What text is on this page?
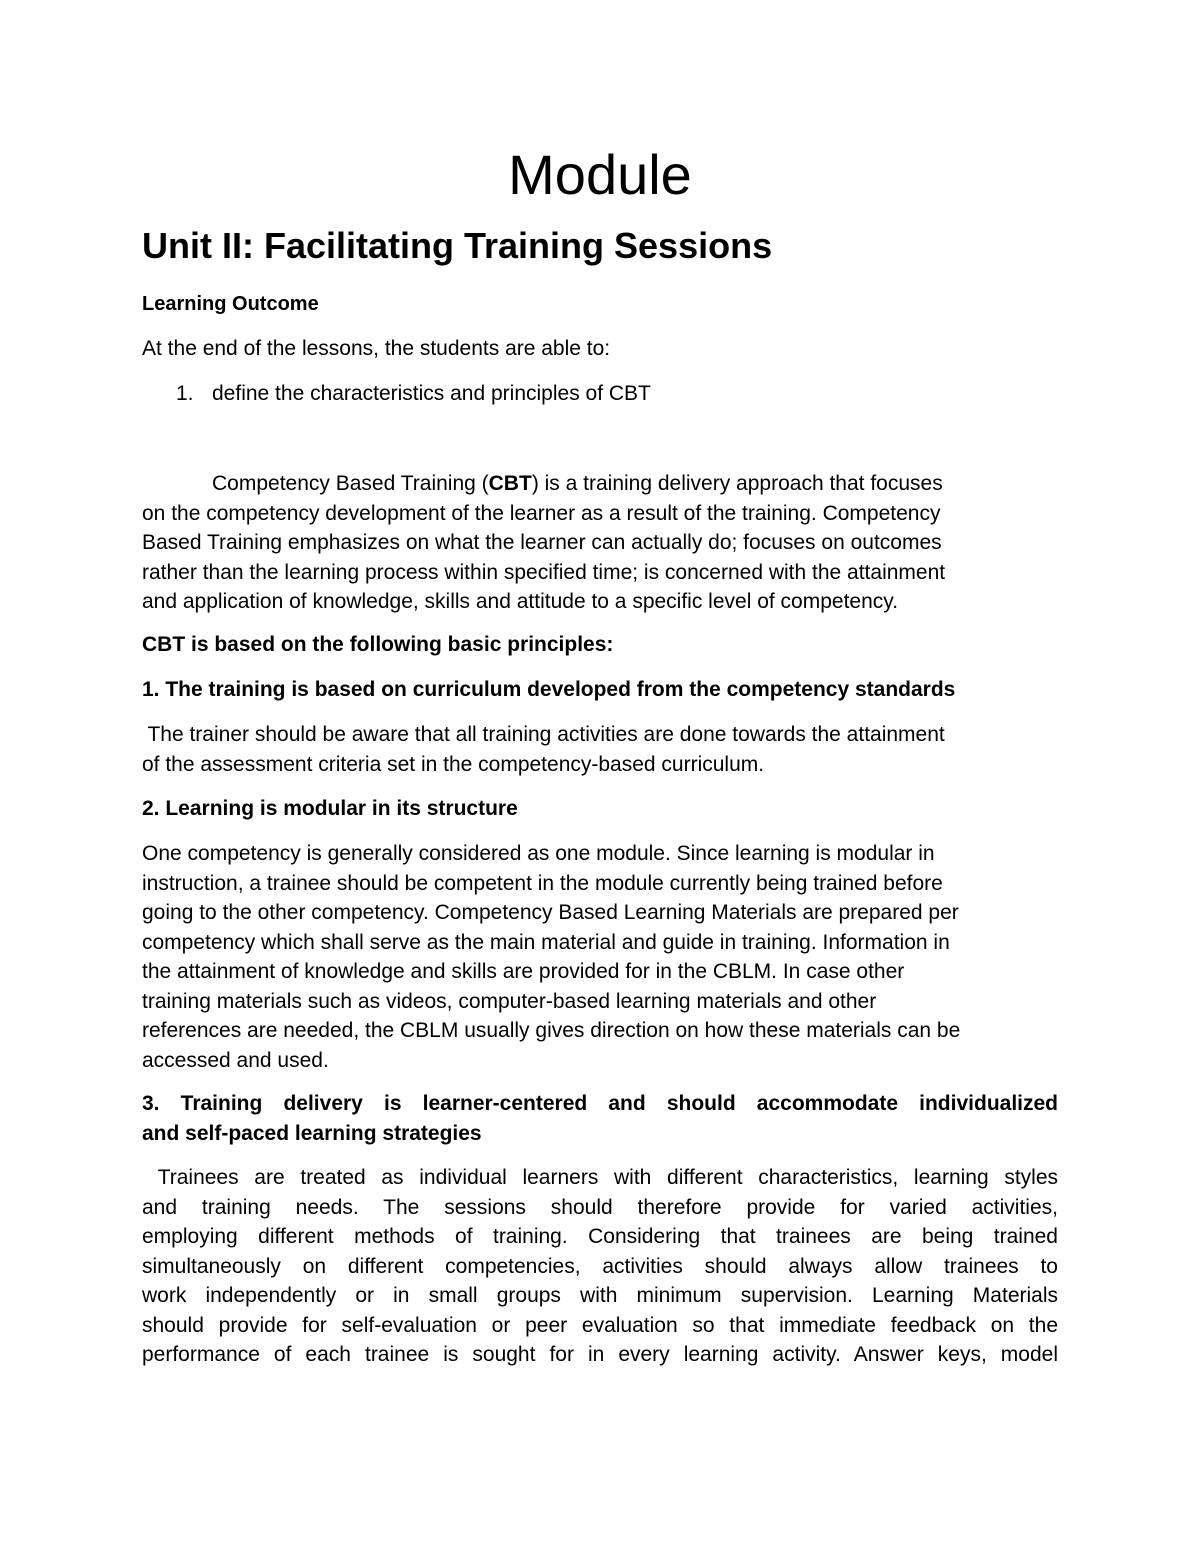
Module
Unit II: Facilitating Training Sessions
Learning Outcome

At the end of the lessons, the students are able to:

1. define the characteristics and principles of CBT
Competency Based Training (CBT) is a training delivery approach that focuses
on the competency development of the learner as a result of the training. Competency
Based Training emphasizes on what the learner can actually do; focuses on outcomes
rather than the learning process within specified time; is concerned with the attainment
and application of knowledge, skills and attitude to a specific level of competency.

CBT is based on the following basic principles:

1. The training is based on curriculum developed from the competency standards

The trainer should be aware that all training activities are done towards the attainment
of the assessment criteria set in the competency-based curriculum.

2. Learning is modular in its structure

One competency is generally considered as one module. Since learning is modular in
instruction, a trainee should be competent in the module currently being trained before
going to the other competency. Competency Based Learning Materials are prepared per
competency which shall serve as the main material and guide in training. Information in
the attainment of knowledge and skills are provided for in the CBLM. In case other
training materials such as videos, computer-based learning materials and other
references are needed, the CBLM usually gives direction on how these materials can be
accessed and used.
3. Training delivery is learner-centered and should accommodate individualized
and self-paced learning strategies
Trainees are treated as individual learners with different characteristics, learning styles
and training needs. The sessions should therefore provide for varied activities,
employing different methods of training. Considering that trainees are being trained
simultaneously on different competencies, activities should always allow trainees to
work independently or in small groups with minimum supervision. Learning Materials
should provide for self-evaluation or peer evaluation so that immediate feedback on the
performance of each trainee is sought for in every learning activity. Answer keys, model
